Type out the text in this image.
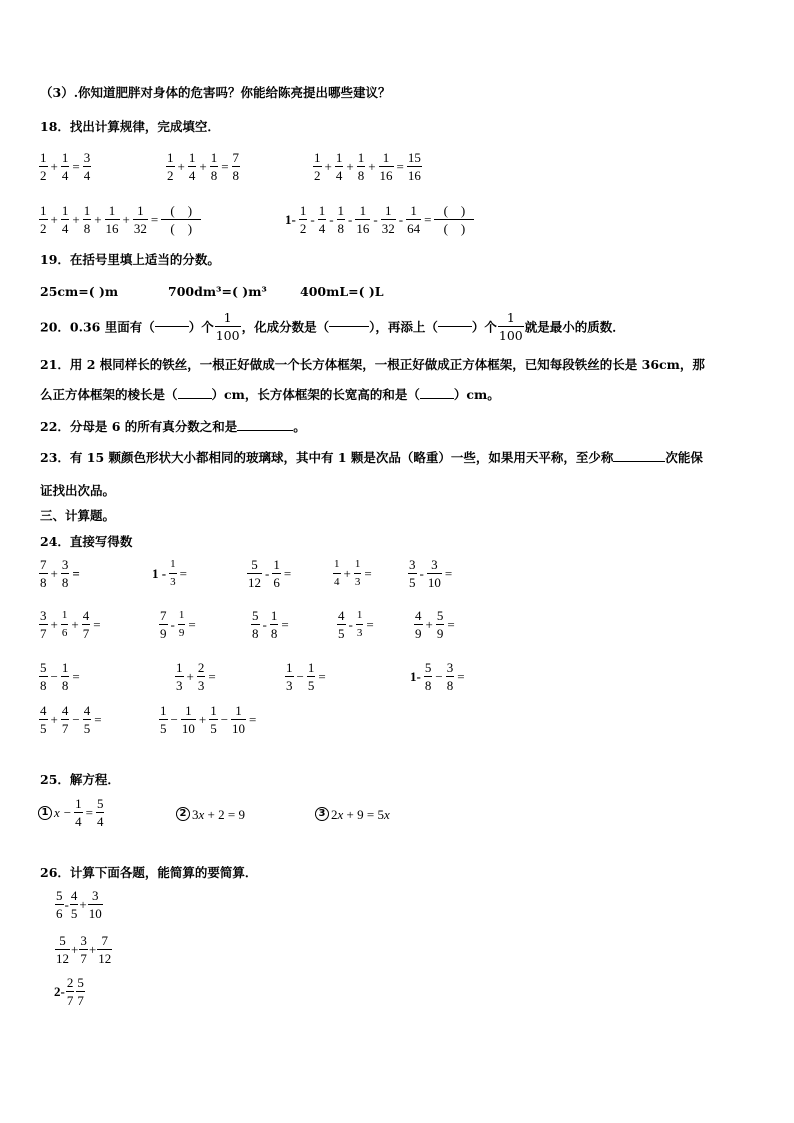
（3）.你知道肥胖对身体的危害吗？你能给陈亮提出哪些建议？
18．找出计算规律，完成填空．
$\frac{1}{2} + \frac{1}{4} = \frac{3}{4}$	$\frac{1}{2} + \frac{1}{4} + \frac{1}{8} = \frac{7}{8}$	$\frac{1}{2} + \frac{1}{4} + \frac{1}{8} + \frac{1}{16} = \frac{15}{16}$
$\frac{1}{2} + \frac{1}{4} + \frac{1}{8} + \frac{1}{16} + \frac{1}{32} = \frac{( )}{( )}$	$1- \frac{1}{2} - \frac{1}{4} - \frac{1}{8} - \frac{1}{16} - \frac{1}{32} - \frac{1}{64} = \frac{( )}{( )}$
19．在括号里填上适当的分数。
25cm=( )m	700dm³=( )m³	400mL=( )L
20．0.36 里面有（	）个 $\frac{1}{100}$ ，化成分数是（	），再添上（	）个 $\frac{1}{100}$ 就是最小的质数．
21．用 2 根同样长的铁丝，一根正好做成一个长方体框架，一根正好做成正方体框架，已知每段铁丝的长是 36cm，那
么正方体框架的棱长是（	）cm，长方体框架的长宽高的和是（	）cm。
22．分母是 6 的所有真分数之和是	。
23．有 15 颗颜色形状大小都相同的玻璃球，其中有 1 颗是次品（略重）一些，如果用天平称，至少称	次能保
证找出次品。
三、计算题。
24．直接写得数
$\frac{7}{8} + \frac{3}{8}$ =	$1 - \frac{1}{3}$ =	$\frac{5}{12} - \frac{1}{6}$ =	$\frac{1}{4} + \frac{1}{3}$ =	$\frac{3}{5} - \frac{3}{10}$ =
$\frac{3}{7} + \frac{1}{6} + \frac{4}{7}$ =	$\frac{7}{9} - \frac{1}{9}$ =	$\frac{5}{8} - \frac{1}{8}$ =	$\frac{4}{5} - \frac{1}{3}$ =	$\frac{4}{9} + \frac{5}{9}$ =
$\frac{5}{8} - \frac{1}{8}$ =	$\frac{1}{3} + \frac{2}{3}$ =	$\frac{1}{3} - \frac{1}{5}$ =	$1- \frac{5}{8} - \frac{3}{8}$ =
$\frac{4}{5} + \frac{4}{7} - \frac{4}{5}$ =	$\frac{1}{5} - \frac{1}{10} + \frac{1}{5} - \frac{1}{10}$ =
25．解方程．
1 $x - \frac{1}{4} = \frac{5}{4}$	2 3x + 2 = 9	3 2x + 9 = 5x
26．计算下面各题，能简算的要简算．
$\frac{5}{6} - \frac{4}{5} + \frac{3}{10}$
$\frac{5}{12} + \frac{3}{7} + \frac{7}{12}$
$2- \frac{2}{7} \frac{5}{7}$
